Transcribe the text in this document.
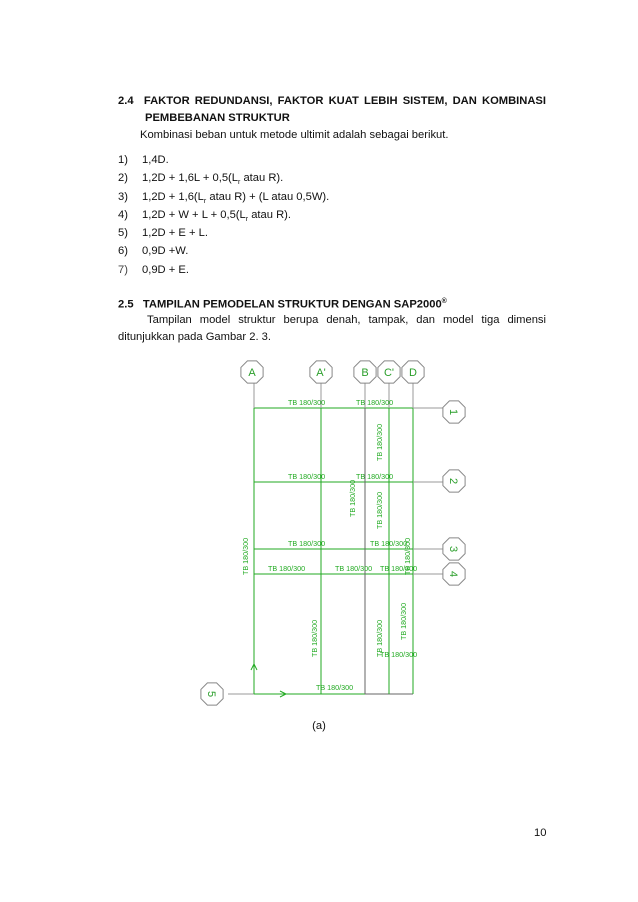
2.4 FAKTOR REDUNDANSI, FAKTOR KUAT LEBIH SISTEM, DAN KOMBINASI
PEMBEBANAN STRUKTUR
Kombinasi beban untuk metode ultimit adalah sebagai berikut.
1) 1,4D.
2) $1,2D + 1,6L + 0,5(L_r$ atau R).
3) $1,2D + 1,6(L_r$ atau R) + (L atau 0,5W).
4) $1,2D + W + L + 0,5(L_r$ atau R).
5) 1,2D + E + L.
6) 0,9D +W.
7) 0,9D + E.
2.5 TAMPILAN PEMODELAN STRUKTUR DENGAN SAP2000®
Tampilan model struktur berupa denah, tampak, dan model tiga dimensi
ditunjukkan pada Gambar 2. 3.
TB 180/300	TB 180/300
TB 180/300	TB 180/300
TB 180/300	TB 180/300
TB 180/300	TB 180/300 TB 180/300
TB 180/300
TB 180/300
TB 180/300
TB 180/300
TB 180/300
TB 180/300
TB 180/300
TB 180/300	TB 180/300 TB 180/300
A	A'	B C' D
1
2
3
4
5
(a)
10
